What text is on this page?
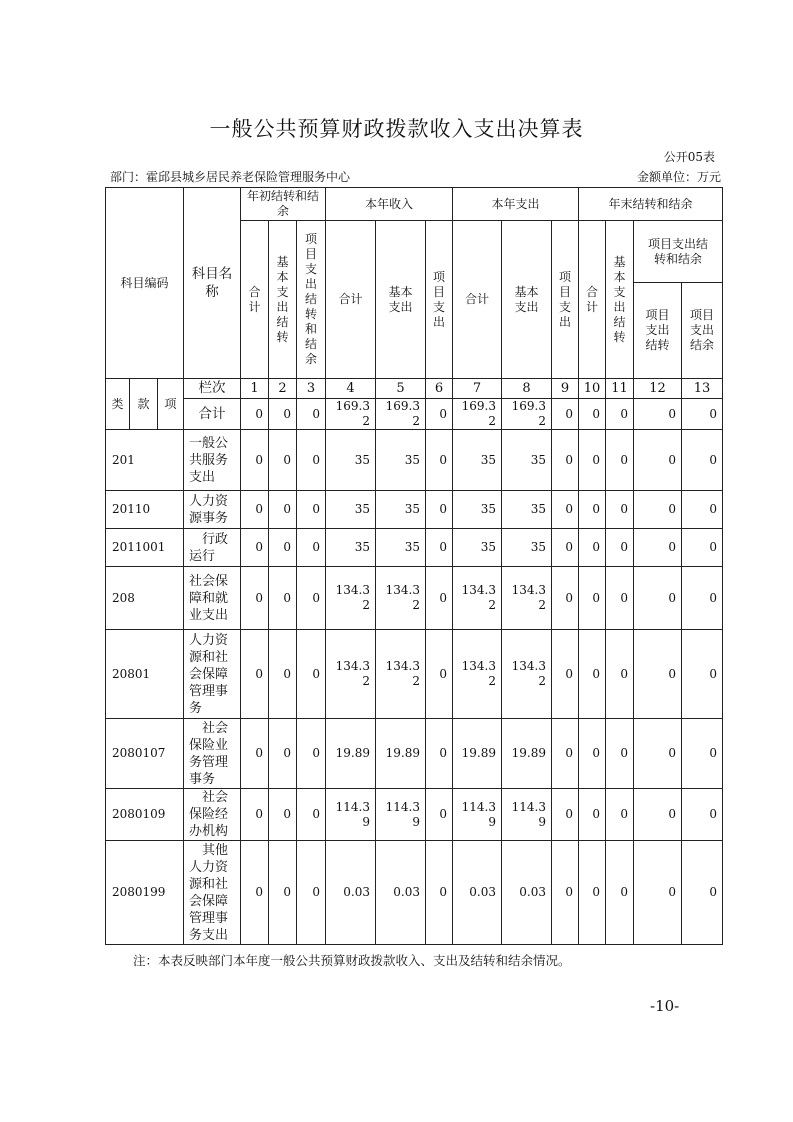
一般公共预算财政拨款收入支出决算表
公开05表
部门：霍邱县城乡居民养老保险管理服务中心	金额单位：万元
科目编码			科目名称	年初结转和结余			本年收入			本年支出			年末结转和结余			
				合计	基本支出结转	项目支出结转和结余	合计	基本支出	项目支出	合计	基本支出	项目支出	合计	基本支出结转	项目支出结转和结余	
															项目支出结转	项目支出结余
类	款	项	栏次	1	2	3	4	5	6	7	8	9	10	11	12	13
			合计	0	0	0	169.32	169.32	0	169.32	169.32	0	0	0	0	0
201			一般公共服务支出	0	0	0	35	35	0	35	35	0	0	0	0	0
20110			人力资源事务	0	0	0	35	35	0	35	35	0	0	0	0	0
2011001			　行政运行	0	0	0	35	35	0	35	35	0	0	0	0	0
208			社会保障和就业支出	0	0	0	134.32	134.32	0	134.32	134.32	0	0	0	0	0
20801			人力资源和社会保障管理事务	0	0	0	134.32	134.32	0	134.32	134.32	0	0	0	0	0
2080107			　社会保险业务管理事务	0	0	0	19.89	19.89	0	19.89	19.89	0	0	0	0	0
2080109			　社会保险经办机构	0	0	0	114.39	114.39	0	114.39	114.39	0	0	0	0	0
2080199			　其他人力资源和社会保障管理事务支出	0	0	0	0.03	0.03	0	0.03	0.03	0	0	0	0	0
注：本表反映部门本年度一般公共预算财政拨款收入、支出及结转和结余情况。
-10-
